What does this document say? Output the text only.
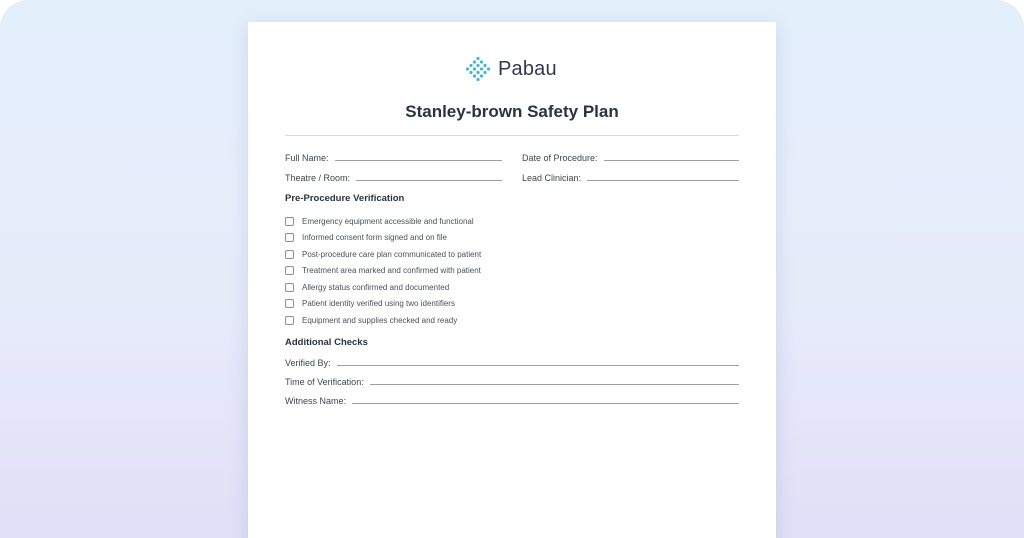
Pabau
Stanley-brown Safety Plan
Full Name:	Date of Procedure:
Theatre / Room:	Lead Clinician:
Pre-Procedure Verification
Emergency equipment accessible and functional
Informed consent form signed and on file
Post-procedure care plan communicated to patient
Treatment area marked and confirmed with patient
Allergy status confirmed and documented
Patient identity verified using two identifiers
Equipment and supplies checked and ready
Additional Checks
Verified By:
Time of Verification:
Witness Name:
